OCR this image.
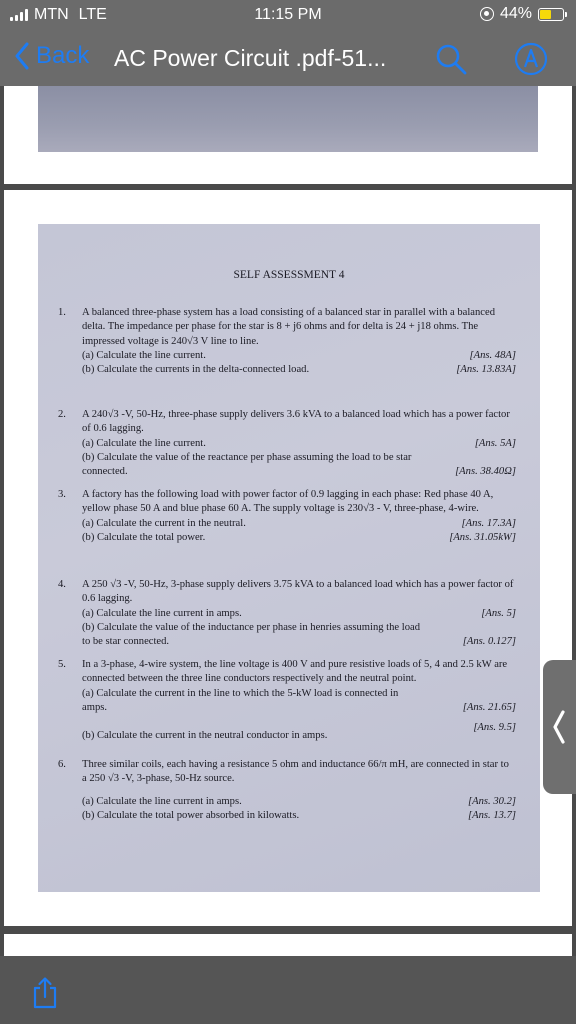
MTN LTE	11:15 PM	44%
Back AC Power Circuit .pdf-51...
SELF ASSESSMENT 4
1. A balanced three-phase system has a load consisting of a balanced star in parallel with a balanced delta. The impedance per phase for the star is 8 + j6 ohms and for delta is 24 + j18 ohms. The impressed voltage is 240√3 V line to line.
(a) Calculate the line current.	[Ans. 48A]
(b) Calculate the currents in the delta-connected load.	[Ans. 13.83A]
2. A 240√3 -V, 50-Hz, three-phase supply delivers 3.6 kVA to a balanced load which has a power factor of 0.6 lagging.
(a) Calculate the line current.	[Ans. 5A]
(b) Calculate the value of the reactance per phase assuming the load to be star connected.	[Ans. 38.40Ω]
3. A factory has the following load with power factor of 0.9 lagging in each phase: Red phase 40 A, yellow phase 50 A and blue phase 60 A. The supply voltage is 230√3 - V, three-phase, 4-wire.
(a) Calculate the current in the neutral.	[Ans. 17.3A]
(b) Calculate the total power.	[Ans. 31.05kW]
4. A 250 √3 -V, 50-Hz, 3-phase supply delivers 3.75 kVA to a balanced load which has a power factor of 0.6 lagging.
(a) Calculate the line current in amps.	[Ans. 5]
(b) Calculate the value of the inductance per phase in henries assuming the load to be star connected.	[Ans. 0.127]
5. In a 3-phase, 4-wire system, the line voltage is 400 V and pure resistive loads of 5, 4 and 2.5 kW are connected between the three line conductors respectively and the neutral point.
(a) Calculate the current in the line to which the 5-kW load is connected in amps.	[Ans. 21.65]
(b) Calculate the current in the neutral conductor in amps.
[Ans. 9.5]
6. Three similar coils, each having a resistance 5 ohm and inductance 66/π mH, are connected in star to a 250 √3 -V, 3-phase, 50-Hz source.
(a) Calculate the line current in amps.	[Ans. 30.2]
(b) Calculate the total power absorbed in kilowatts.	[Ans. 13.7]
